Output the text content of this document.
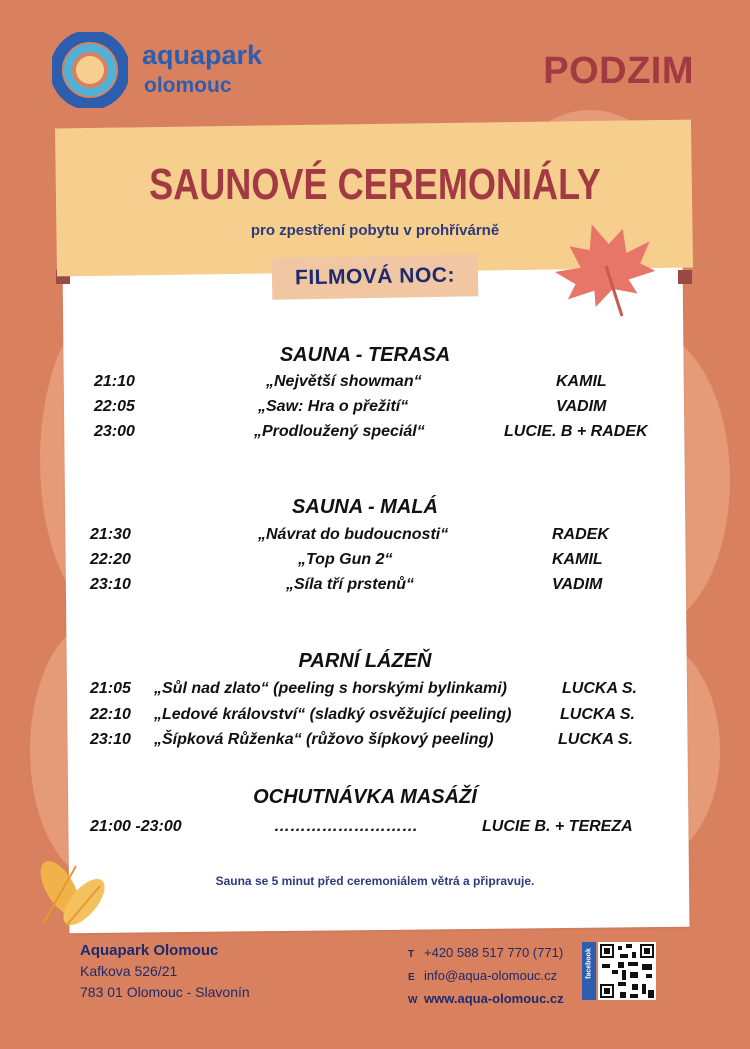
aquapark
olomouc	PODZIM
SAUNOVÉ CEREMONIÁLY
pro zpestření pobytu v prohřívárně
FILMOVÁ NOC:
SAUNA - TERASA
21:10	„Největší showman“	KAMIL
22:05	„Saw: Hra o přežití“	VADIM
23:00	„Prodloužený speciál“	LUCIE. B + RADEK
SAUNA - MALÁ
21:30	„Návrat do budoucnosti“	RADEK
22:20	„Top Gun 2“	KAMIL
23:10	„Síla tří prstenů“	VADIM
PARNÍ LÁZEŇ
21:05 „Sůl nad zlato“ (peeling s horskými bylinkami)	LUCKA S.
22:10 „Ledové království“ (sladký osvěžující peeling)	LUCKA S.
23:10 „Šípková Růženka“ (růžovo šípkový peeling)	LUCKA S.
OCHUTNÁVKA MASÁŽÍ
21:00 -23:00	………………………	LUCIE B. + TEREZA
Sauna se 5 minut před ceremoniálem větrá a připravuje.
Aquapark Olomouc
Kafkova 526/21
783 01 Olomouc - Slavonín
T +420 588 517 770 (771)
E info@aqua-olomouc.cz
W www.aqua-olomouc.cz
facebook
